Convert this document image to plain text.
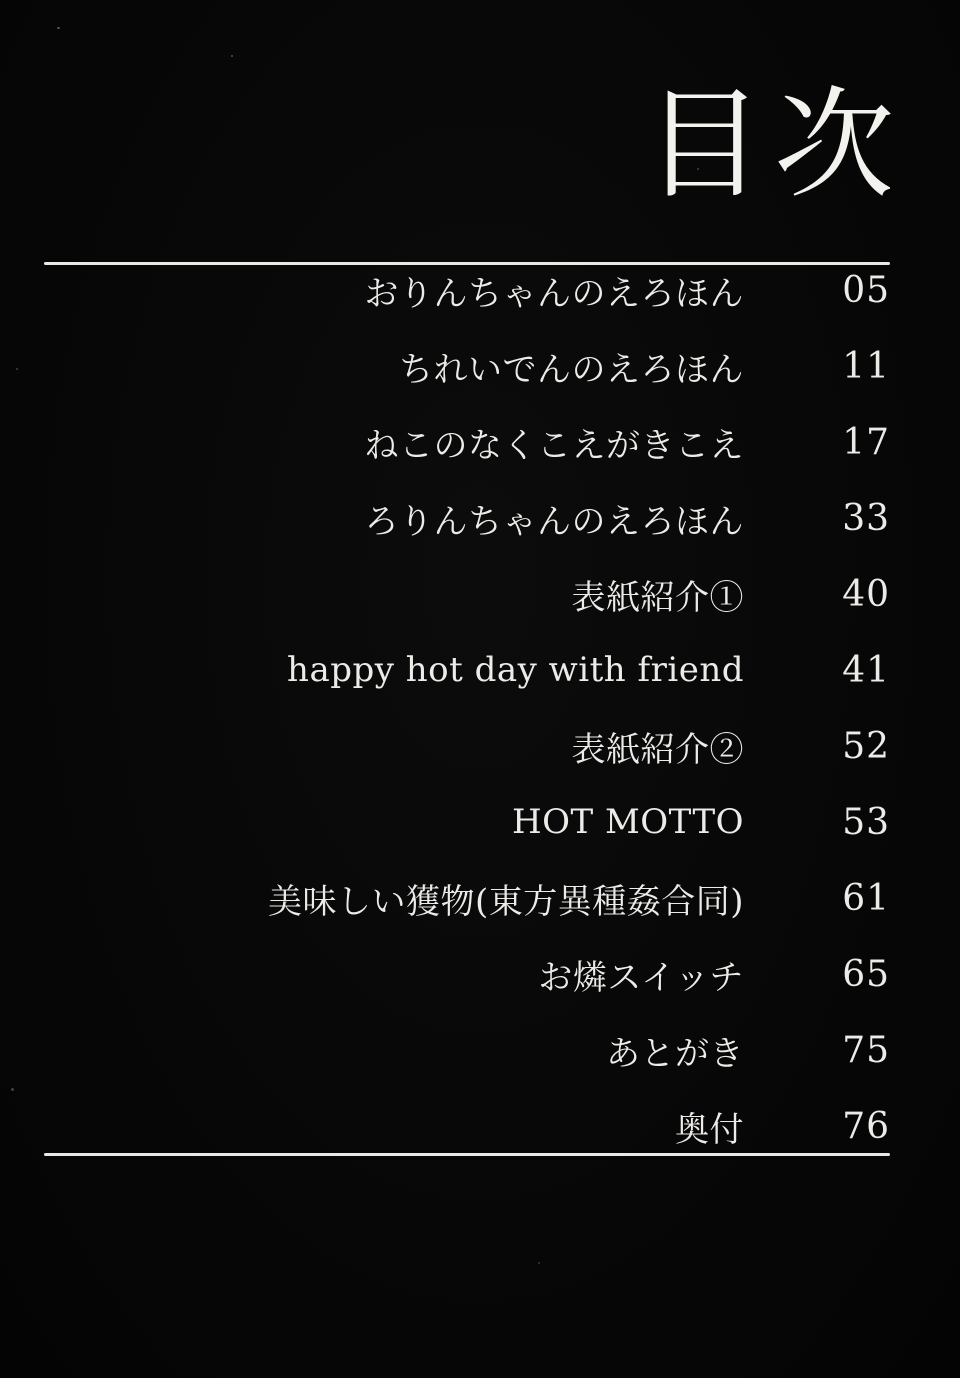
目次
おりんちゃんのえろほん	05
ちれいでんのえろほん	11
ねこのなくこえがきこえ	17
ろりんちゃんのえろほん	33
表紙紹介①	40
happy hot day with friend	41
表紙紹介②	52
HOT MOTTO	53
美味しい獲物(東方異種姦合同)	61
お燐スイッチ	65
あとがき	75
奥付	76
